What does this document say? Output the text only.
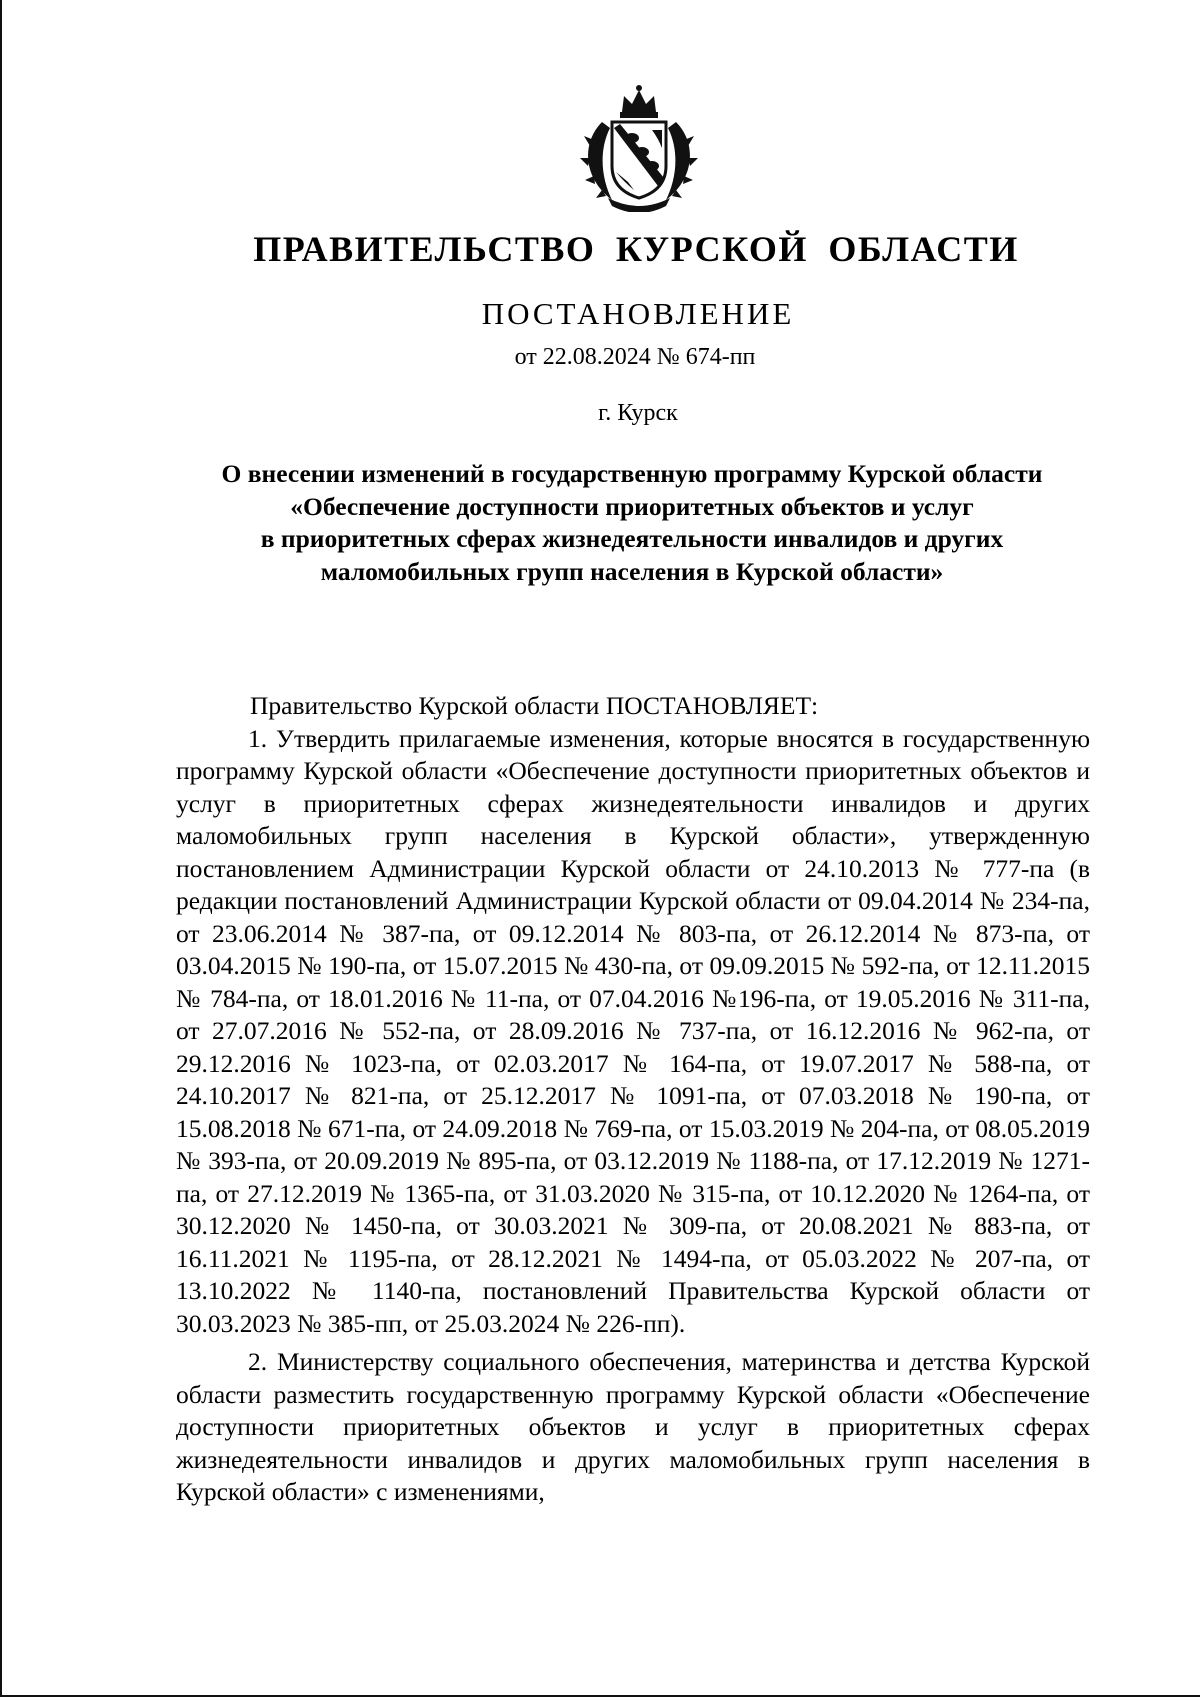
ПРАВИТЕЛЬСТВО КУРСКОЙ ОБЛАСТИ
ПОСТАНОВЛЕНИЕ
от 22.08.2024 № 674-пп
г. Курск
О внесении изменений в государственную программу Курской области
«Обеспечение доступности приоритетных объектов и услуг
в приоритетных сферах жизнедеятельности инвалидов и других
маломобильных групп населения в Курской области»

Правительство Курской области ПОСТАНОВЛЯЕТ:

1. Утвердить прилагаемые изменения, которые вносятся в государственную программу Курской области «Обеспечение доступности приоритетных объектов и услуг в приоритетных сферах жизнедеятельности инвалидов и других маломобильных групп населения в Курской области», утвержденную постановлением Администрации Курской области от 24.10.2013 № 777-па (в редакции постановлений Администрации Курской области от 09.04.2014 № 234-па, от 23.06.2014 № 387-па, от 09.12.2014 № 803-па, от 26.12.2014 № 873-па, от 03.04.2015 № 190-па, от 15.07.2015 № 430-па, от 09.09.2015 № 592-па, от 12.11.2015 № 784-па, от 18.01.2016 № 11-па, от 07.04.2016 №196-па, от 19.05.2016 № 311-па, от 27.07.2016 № 552-па, от 28.09.2016 № 737-па, от 16.12.2016 № 962-па, от 29.12.2016 № 1023-па, от 02.03.2017 № 164-па, от 19.07.2017 № 588-па, от 24.10.2017 № 821-па, от 25.12.2017 № 1091-па, от 07.03.2018 № 190-па, от 15.08.2018 № 671-па, от 24.09.2018 № 769-па, от 15.03.2019 № 204-па, от 08.05.2019 № 393-па, от 20.09.2019 № 895-па, от 03.12.2019 № 1188-па, от 17.12.2019 № 1271-па, от 27.12.2019 № 1365-па, от 31.03.2020 № 315-па, от 10.12.2020 № 1264-па, от 30.12.2020 № 1450-па, от 30.03.2021 № 309-па, от 20.08.2021 № 883-па, от 16.11.2021 № 1195-па, от 28.12.2021 № 1494-па, от 05.03.2022 № 207-па, от 13.10.2022 № 1140-па, постановлений Правительства Курской области от 30.03.2023 № 385-пп, от 25.03.2024 № 226-пп).

2. Министерству социального обеспечения, материнства и детства Курской области разместить государственную программу Курской области «Обеспечение доступности приоритетных объектов и услуг в приоритетных сферах жизнедеятельности инвалидов и других маломобильных групп населения в Курской области» с изменениями,
